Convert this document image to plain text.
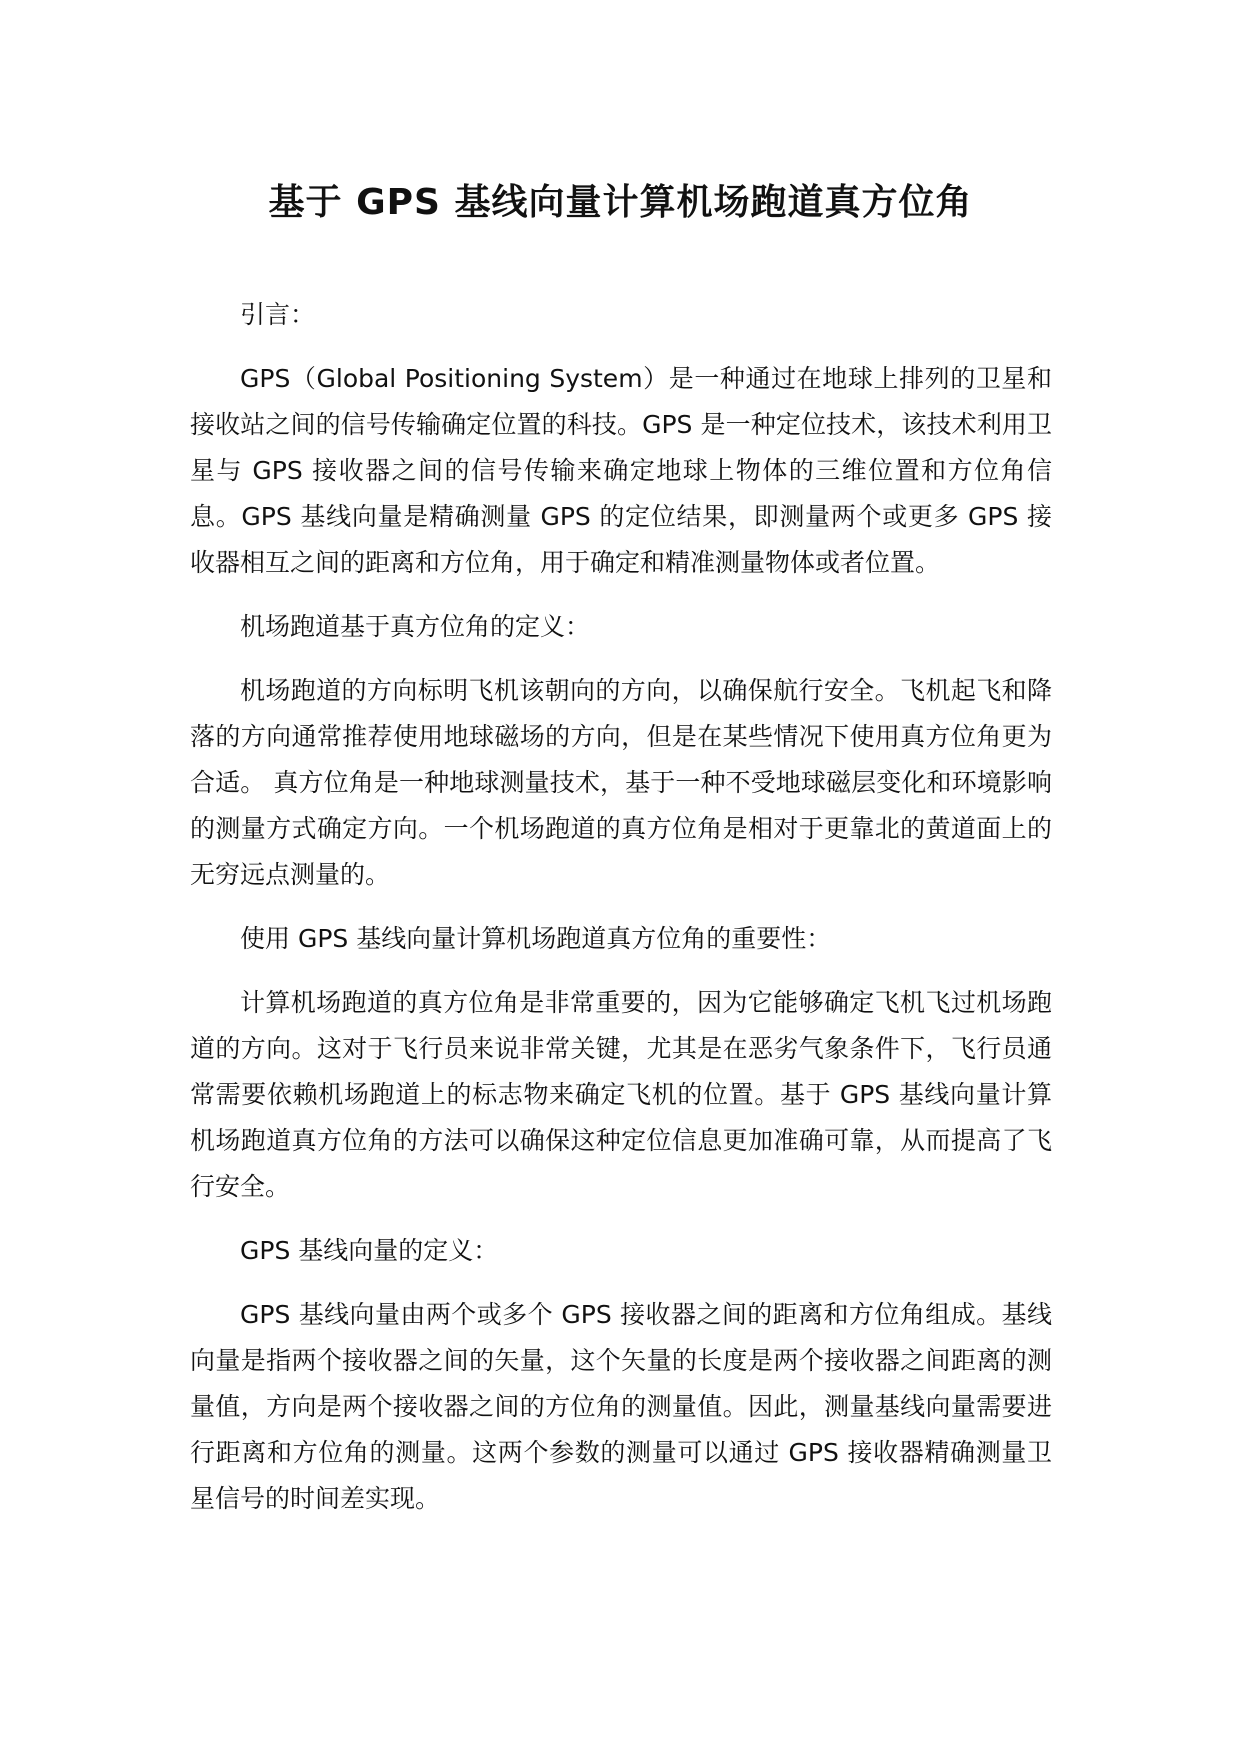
基于 GPS 基线向量计算机场跑道真方位角

引言：

GPS（Global Positioning System）是一种通过在地球上排列的卫星和接收站之间的信号传输确定位置的科技。GPS 是一种定位技术，该技术利用卫星与 GPS 接收器之间的信号传输来确定地球上物体的三维位置和方位角信息。GPS 基线向量是精确测量 GPS 的定位结果，即测量两个或更多 GPS 接收器相互之间的距离和方位角，用于确定和精准测量物体或者位置。

机场跑道基于真方位角的定义：

机场跑道的方向标明飞机该朝向的方向，以确保航行安全。飞机起飞和降落的方向通常推荐使用地球磁场的方向，但是在某些情况下使用真方位角更为合适。 真方位角是一种地球测量技术，基于一种不受地球磁层变化和环境影响的测量方式确定方向。一个机场跑道的真方位角是相对于更靠北的黄道面上的无穷远点测量的。

使用 GPS 基线向量计算机场跑道真方位角的重要性：

计算机场跑道的真方位角是非常重要的，因为它能够确定飞机飞过机场跑道的方向。这对于飞行员来说非常关键，尤其是在恶劣气象条件下，飞行员通常需要依赖机场跑道上的标志物来确定飞机的位置。基于 GPS 基线向量计算机场跑道真方位角的方法可以确保这种定位信息更加准确可靠，从而提高了飞行安全。

GPS 基线向量的定义：

GPS 基线向量由两个或多个 GPS 接收器之间的距离和方位角组成。基线向量是指两个接收器之间的矢量，这个矢量的长度是两个接收器之间距离的测量值，方向是两个接收器之间的方位角的测量值。因此，测量基线向量需要进行距离和方位角的测量。这两个参数的测量可以通过 GPS 接收器精确测量卫星信号的时间差实现。
